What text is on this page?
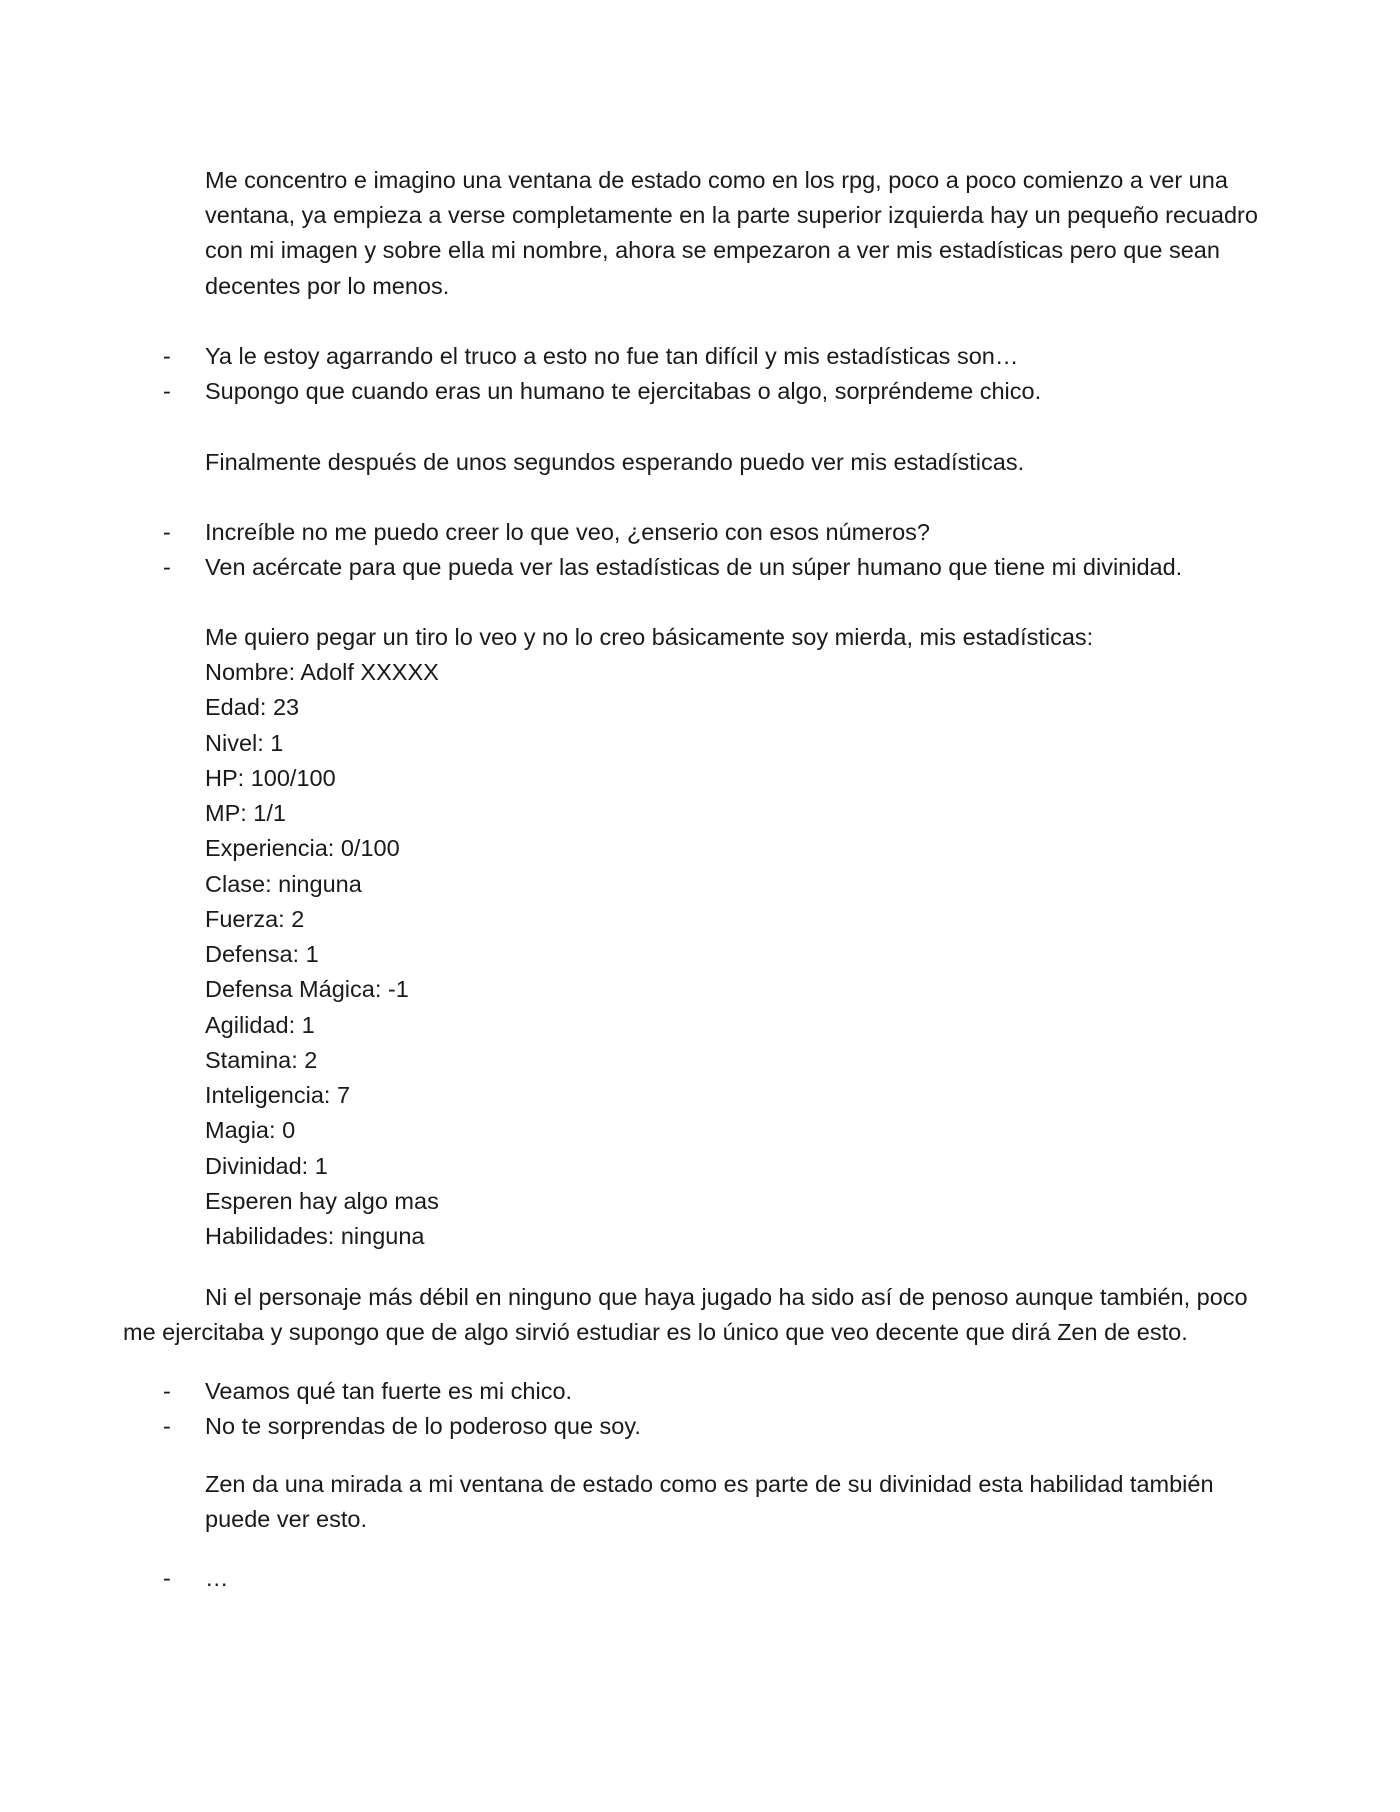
Me concentro e imagino una ventana de estado como en los rpg, poco a poco comienzo a ver una ventana, ya empieza a verse completamente en la parte superior izquierda hay un pequeño recuadro con mi imagen y sobre ella mi nombre, ahora se empezaron a ver mis estadísticas pero que sean decentes por lo menos.

- Ya le estoy agarrando el truco a esto no fue tan difícil y mis estadísticas son…
- Supongo que cuando eras un humano te ejercitabas o algo, sorpréndeme chico.

Finalmente después de unos segundos esperando puedo ver mis estadísticas.

- Increíble no me puedo creer lo que veo, ¿enserio con esos números?
- Ven acércate para que pueda ver las estadísticas de un súper humano que tiene mi divinidad.

Me quiero pegar un tiro lo veo y no lo creo básicamente soy mierda, mis estadísticas:

Nombre: Adolf XXXXX
Edad: 23
Nivel: 1
HP: 100/100
MP: 1/1
Experiencia: 0/100
Clase: ninguna
Fuerza: 2
Defensa: 1
Defensa Mágica: -1
Agilidad: 1
Stamina: 2
Inteligencia: 7
Magia: 0
Divinidad: 1
Esperen hay algo mas
Habilidades: ninguna

Ni el personaje más débil en ninguno que haya jugado ha sido así de penoso aunque también, poco me ejercitaba y supongo que de algo sirvió estudiar es lo único que veo decente que dirá Zen de esto.

- Veamos qué tan fuerte es mi chico.
- No te sorprendas de lo poderoso que soy.

Zen da una mirada a mi ventana de estado como es parte de su divinidad esta habilidad también puede ver esto.

- …
